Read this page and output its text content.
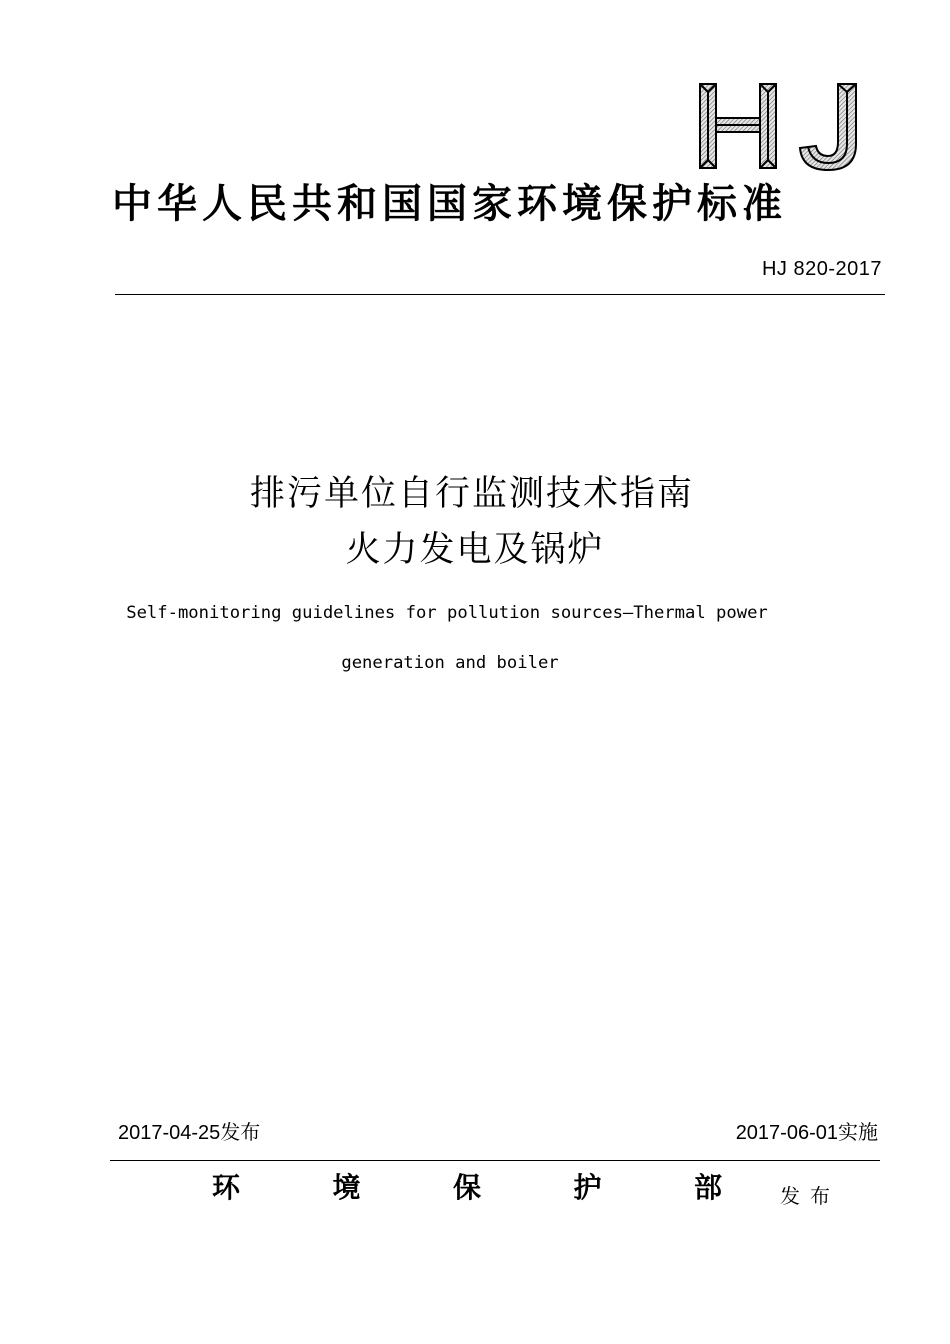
中华人民共和国国家环境保护标准
HJ 820-2017
排污单位自行监测技术指南
火力发电及锅炉
Self-monitoring guidelines for pollution sources—Thermal power
generation and boiler
2017-04-25发布	2017-06-01实施
环	境	保	护	部	发布
